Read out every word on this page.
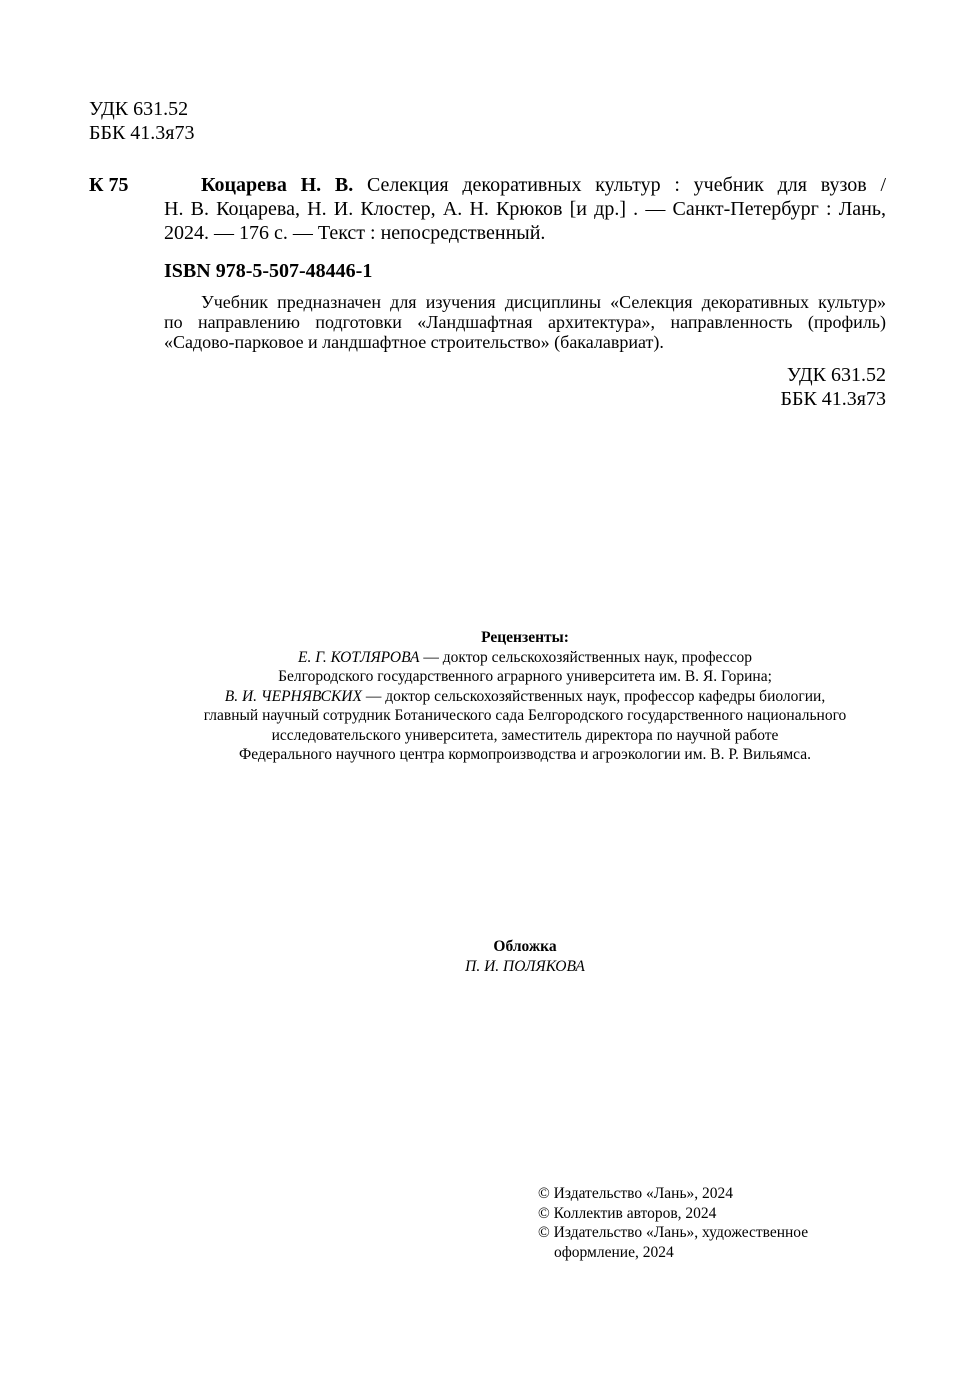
УДК 631.52
ББК 41.3я73
К 75	Коцарева Н. В. Селекция декоративных культур : учебник для вузов /
Н. В. Коцарева, Н. И. Клостер, А. Н. Крюков [и др.] . — Санкт-Петербург : Лань,
2024. — 176 с. — Текст : непосредственный.
ISBN 978-5-507-48446-1
Учебник предназначен для изучения дисциплины «Селекция декоративных культур»
по направлению подготовки «Ландшафтная архитектура», направленность (профиль)
«Садово-парковое и ландшафтное строительство» (бакалавриат).
УДК 631.52
ББК 41.3я73
Рецензенты:
Е. Г. КОТЛЯРОВА — доктор сельскохозяйственных наук, профессор
Белгородского государственного аграрного университета им. В. Я. Горина;
В. И. ЧЕРНЯВСКИХ — доктор сельскохозяйственных наук, профессор кафедры биологии,
главный научный сотрудник Ботанического сада Белгородского государственного национального
исследовательского университета, заместитель директора по научной работе
Федерального научного центра кормопроизводства и агроэкологии им. В. Р. Вильямса.
Обложка
П. И. ПОЛЯКОВА
© Издательство «Лань», 2024
© Коллектив авторов, 2024
© Издательство «Лань», художественное
оформление, 2024
